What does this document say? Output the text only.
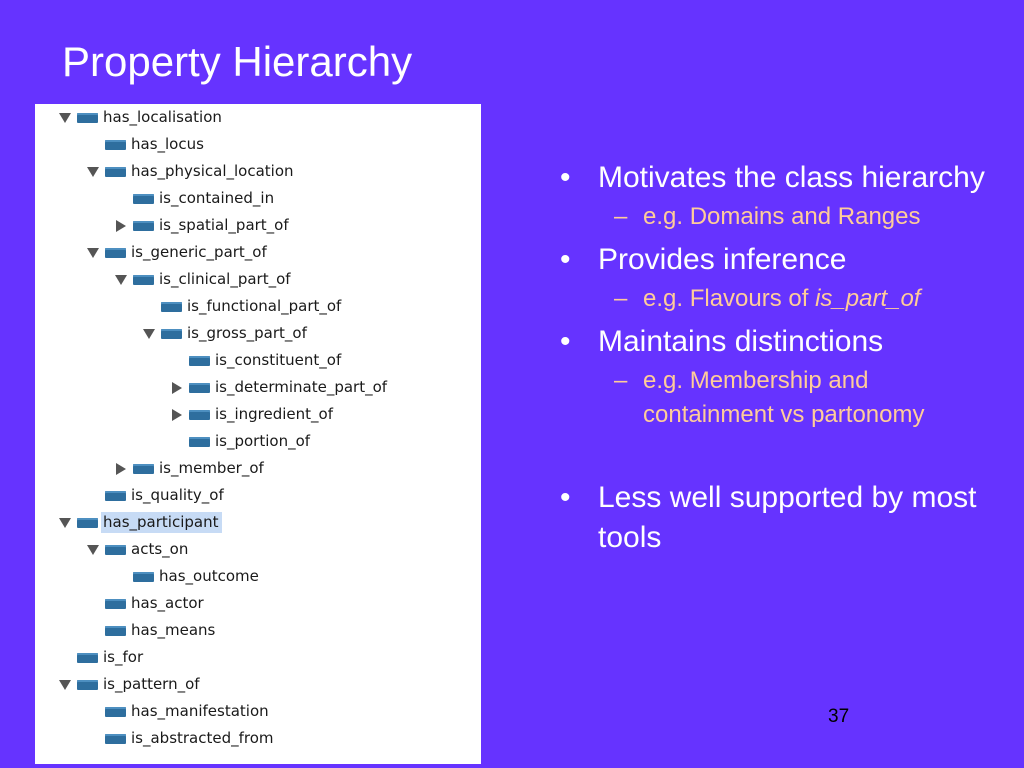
Property Hierarchy
has_localisation
has_locus
has_physical_location
is_contained_in
is_spatial_part_of
is_generic_part_of
is_clinical_part_of
is_functional_part_of
is_gross_part_of
is_constituent_of
is_determinate_part_of
is_ingredient_of
is_portion_of
is_member_of
is_quality_of
has_participant
acts_on
has_outcome
has_actor
has_means
is_for
is_pattern_of
has_manifestation
is_abstracted_from
• Motivates the class hierarchy
– e.g. Domains and Ranges
• Provides inference
– e.g. Flavours of is_part_of
• Maintains distinctions
– e.g. Membership and containment vs partonomy
• Less well supported by most tools
37
